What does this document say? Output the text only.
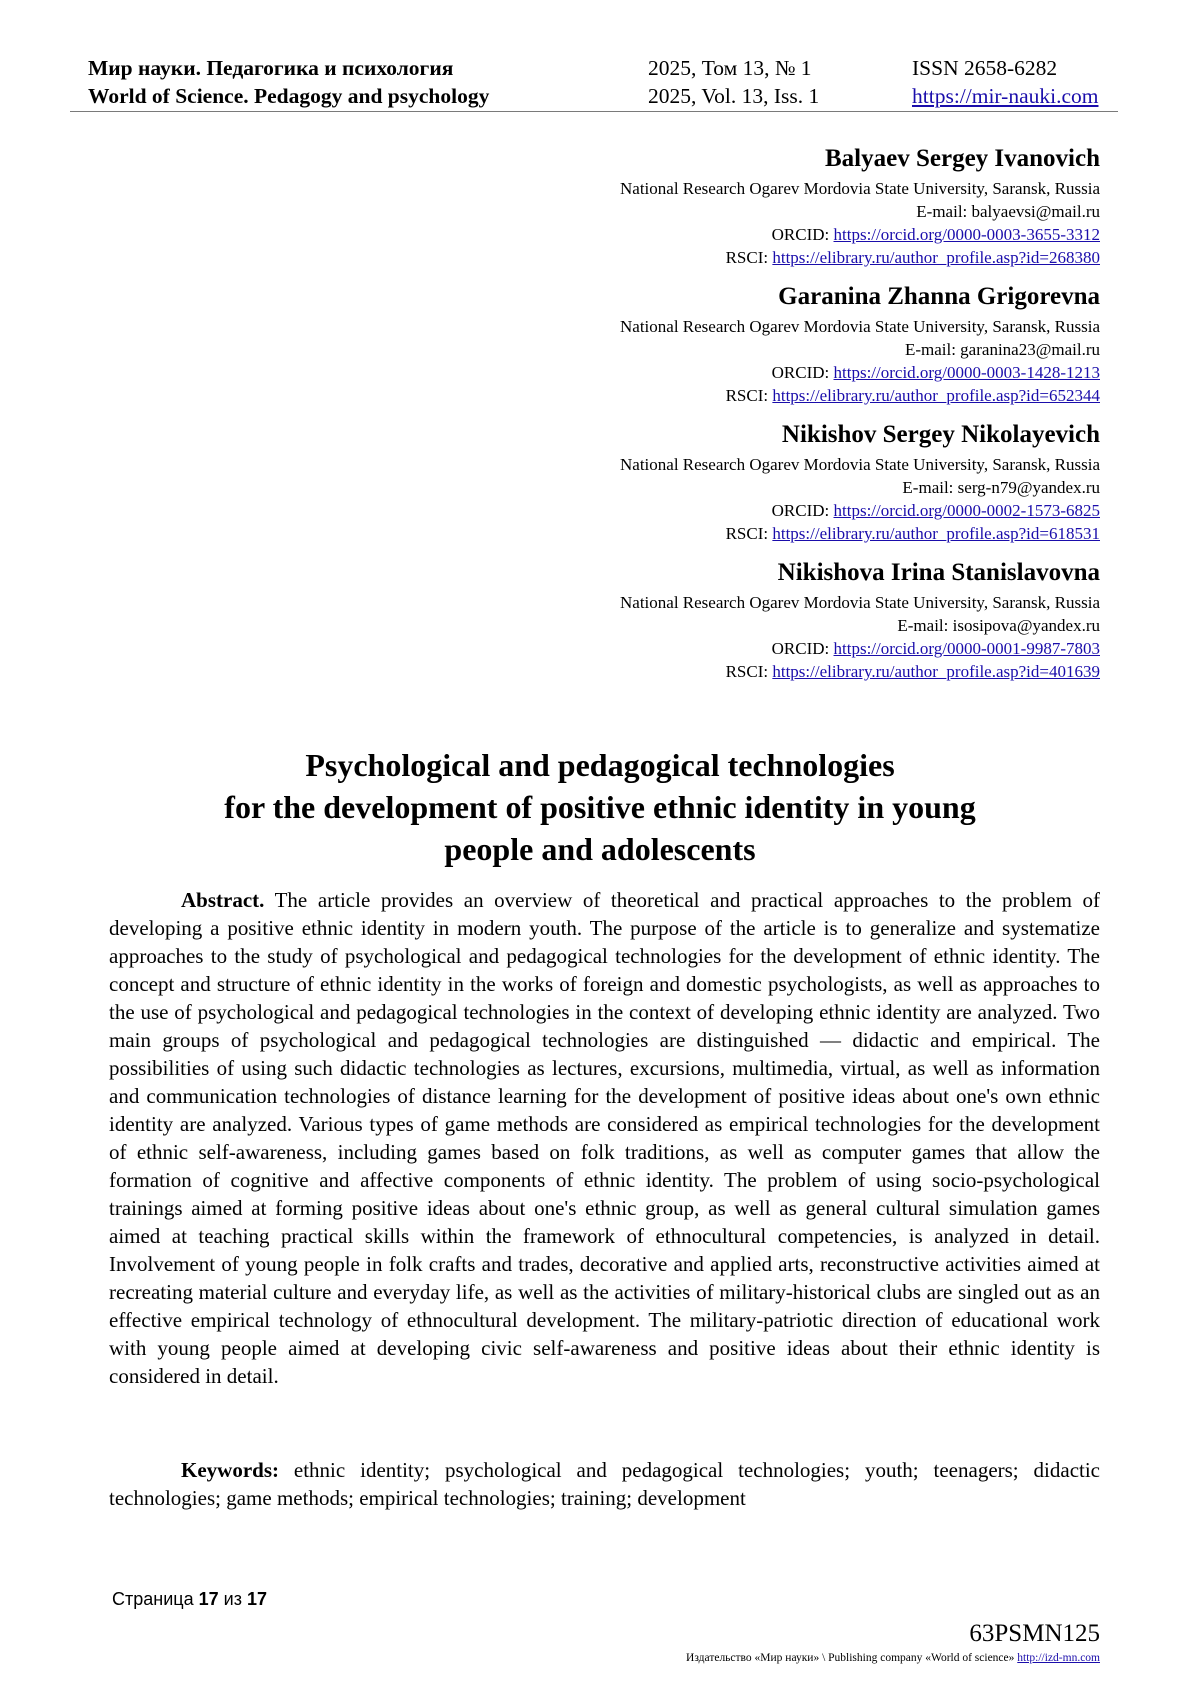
Мир науки. Педагогика и психология
World of Science. Pedagogy and psychology
2025, Том 13, № 1
2025, Vol. 13, Iss. 1
ISSN 2658-6282
https://mir-nauki.com
Balyaev Sergey Ivanovich
National Research Ogarev Mordovia State University, Saransk, Russia
E-mail: balyaevsi@mail.ru
ORCID: https://orcid.org/0000-0003-3655-3312
RSCI: https://elibrary.ru/author_profile.asp?id=268380
Garanina Zhanna Grigorevna
National Research Ogarev Mordovia State University, Saransk, Russia
E-mail: garanina23@mail.ru
ORCID: https://orcid.org/0000-0003-1428-1213
RSCI: https://elibrary.ru/author_profile.asp?id=652344
Nikishov Sergey Nikolayevich
National Research Ogarev Mordovia State University, Saransk, Russia
E-mail: serg-n79@yandex.ru
ORCID: https://orcid.org/0000-0002-1573-6825
RSCI: https://elibrary.ru/author_profile.asp?id=618531
Nikishova Irina Stanislavovna
National Research Ogarev Mordovia State University, Saransk, Russia
E-mail: isosipova@yandex.ru
ORCID: https://orcid.org/0000-0001-9987-7803
RSCI: https://elibrary.ru/author_profile.asp?id=401639
Psychological and pedagogical technologies
for the development of positive ethnic identity in young
people and adolescents
Abstract. The article provides an overview of theoretical and practical approaches to the problem of developing a positive ethnic identity in modern youth. The purpose of the article is to generalize and systematize approaches to the study of psychological and pedagogical technologies for the development of ethnic identity. The concept and structure of ethnic identity in the works of foreign and domestic psychologists, as well as approaches to the use of psychological and pedagogical technologies in the context of developing ethnic identity are analyzed. Two main groups of psychological and pedagogical technologies are distinguished — didactic and empirical. The possibilities of using such didactic technologies as lectures, excursions, multimedia, virtual, as well as information and communication technologies of distance learning for the development of positive ideas about one's own ethnic identity are analyzed. Various types of game methods are considered as empirical technologies for the development of ethnic self-awareness, including games based on folk traditions, as well as computer games that allow the formation of cognitive and affective components of ethnic identity. The problem of using socio-psychological trainings aimed at forming positive ideas about one's ethnic group, as well as general cultural simulation games aimed at teaching practical skills within the framework of ethnocultural competencies, is analyzed in detail. Involvement of young people in folk crafts and trades, decorative and applied arts, reconstructive activities aimed at recreating material culture and everyday life, as well as the activities of military-historical clubs are singled out as an effective empirical technology of ethnocultural development. The military-patriotic direction of educational work with young people aimed at developing civic self-awareness and positive ideas about their ethnic identity is considered in detail.
Keywords: ethnic identity; psychological and pedagogical technologies; youth; teenagers; didactic technologies; game methods; empirical technologies; training; development
Страница 17 из 17
63PSMN125
Издательство «Мир науки» \ Publishing company «World of science» http://izd-mn.com
